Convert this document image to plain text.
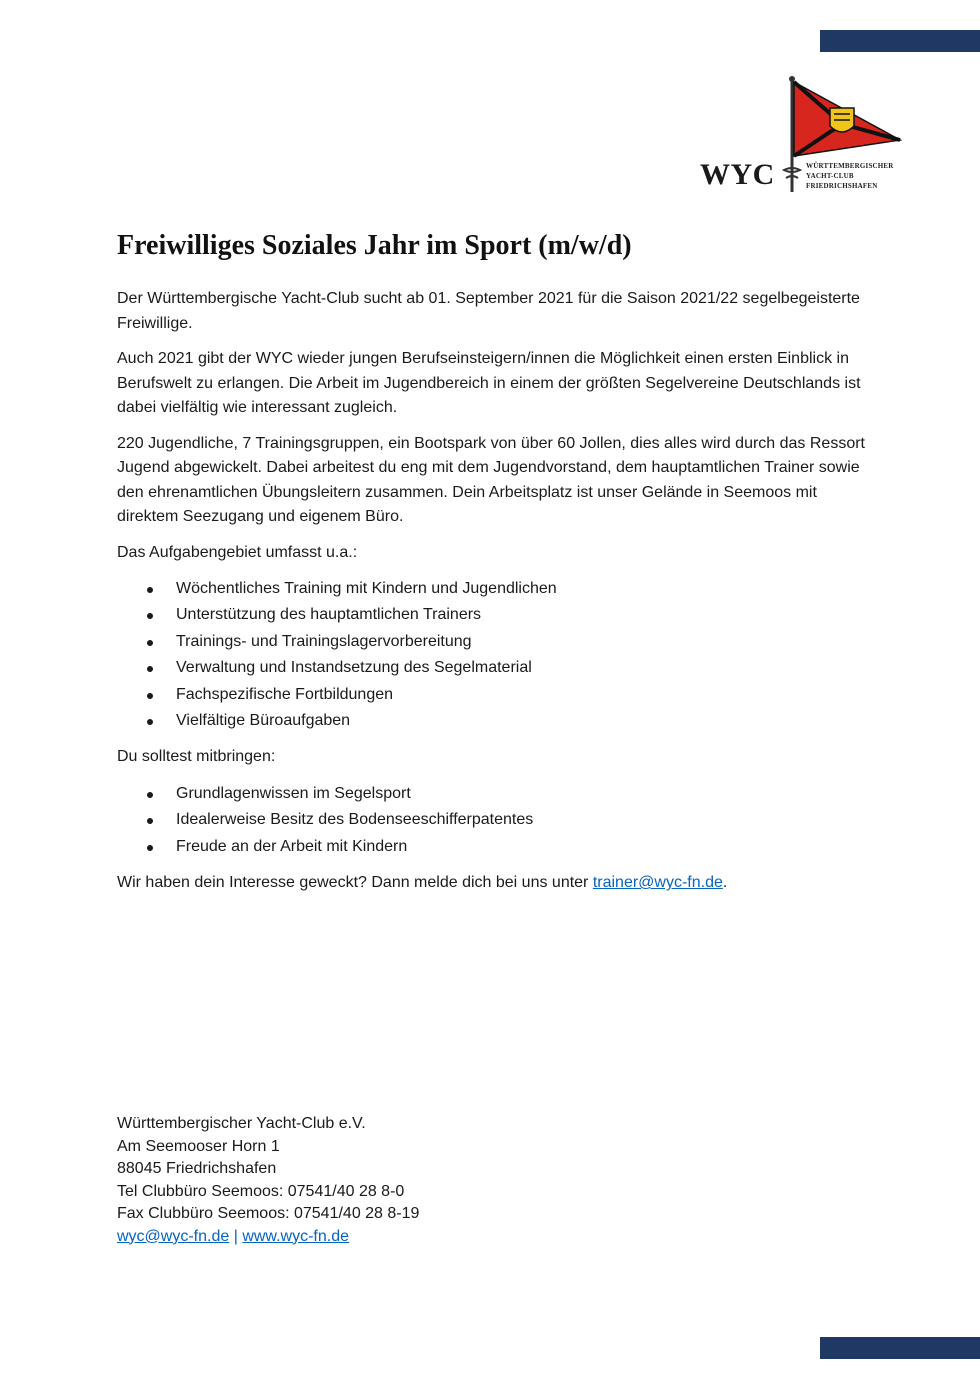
WYC	WÜRTTEMBERGISCHER
YACHT-CLUB
FRIEDRICHSHAFEN
Freiwilliges Soziales Jahr im Sport (m/w/d)

Der Württembergische Yacht-Club sucht ab 01. September 2021 für die Saison 2021/22 segelbegeisterte Freiwillige.

Auch 2021 gibt der WYC wieder jungen Berufseinsteigern/innen die Möglichkeit einen ersten Einblick in Berufswelt zu erlangen. Die Arbeit im Jugendbereich in einem der größten Segelvereine Deutschlands ist dabei vielfältig wie interessant zugleich.

220 Jugendliche, 7 Trainingsgruppen, ein Bootspark von über 60 Jollen, dies alles wird durch das Ressort Jugend abgewickelt. Dabei arbeitest du eng mit dem Jugendvorstand, dem hauptamtlichen Trainer sowie den ehrenamtlichen Übungsleitern zusammen. Dein Arbeitsplatz ist unser Gelände in Seemoos mit direktem Seezugang und eigenem Büro.

Das Aufgabengebiet umfasst u.a.:

Wöchentliches Training mit Kindern und Jugendlichen
Unterstützung des hauptamtlichen Trainers
Trainings- und Trainingslagervorbereitung
Verwaltung und Instandsetzung des Segelmaterial
Fachspezifische Fortbildungen
Vielfältige Büroaufgaben

Du solltest mitbringen:

Grundlagenwissen im Segelsport
Idealerweise Besitz des Bodenseeschifferpatentes
Freude an der Arbeit mit Kindern

Wir haben dein Interesse geweckt? Dann melde dich bei uns unter trainer@wyc-fn.de.

Württembergischer Yacht-Club e.V.
Am Seemooser Horn 1
88045 Friedrichshafen
Tel Clubbüro Seemoos: 07541/40 28 8-0
Fax Clubbüro Seemoos: 07541/40 28 8-19
wyc@wyc-fn.de | www.wyc-fn.de
